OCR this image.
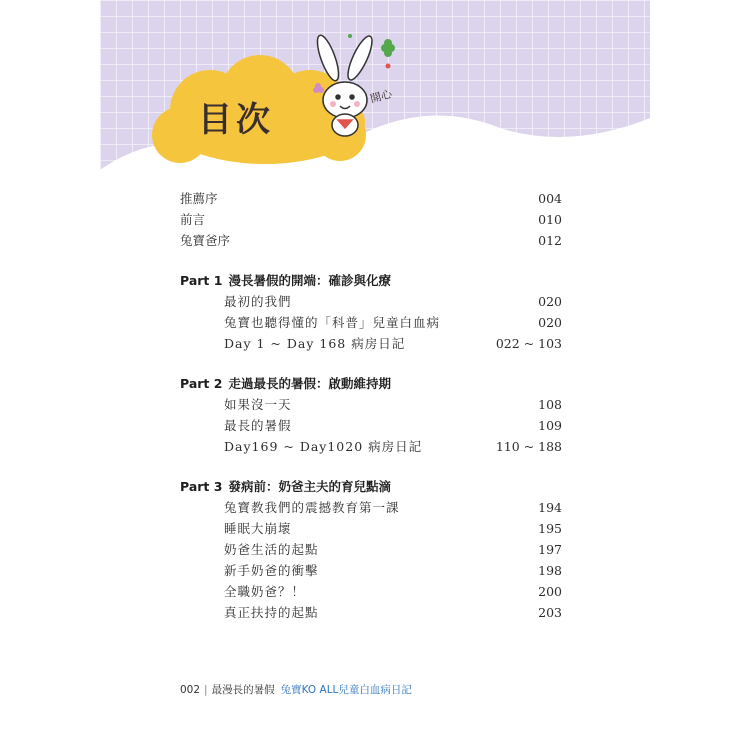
目次
開心
推薦序	004
前言	010
兔寶爸序	012
Part 1 漫長暑假的開端：確診與化療
最初的我們	020
兔寶也聽得懂的「科普」兒童白血病	020
Day 1 ~ Day 168 病房日記	022 ~ 103
Part 2 走過最長的暑假：啟動維持期
如果沒一天	108
最長的暑假	109
Day169 ~ Day1020 病房日記	110 ~ 188
Part 3 發病前：奶爸主夫的育兒點滴
兔寶教我們的震撼教育第一課	194
睡眠大崩壞	195
奶爸生活的起點	197
新手奶爸的衝擊	198
全職奶爸？！	200
真正扶持的起點	203
002 | 最漫長的暑假 兔寶KO ALL兒童白血病日記
